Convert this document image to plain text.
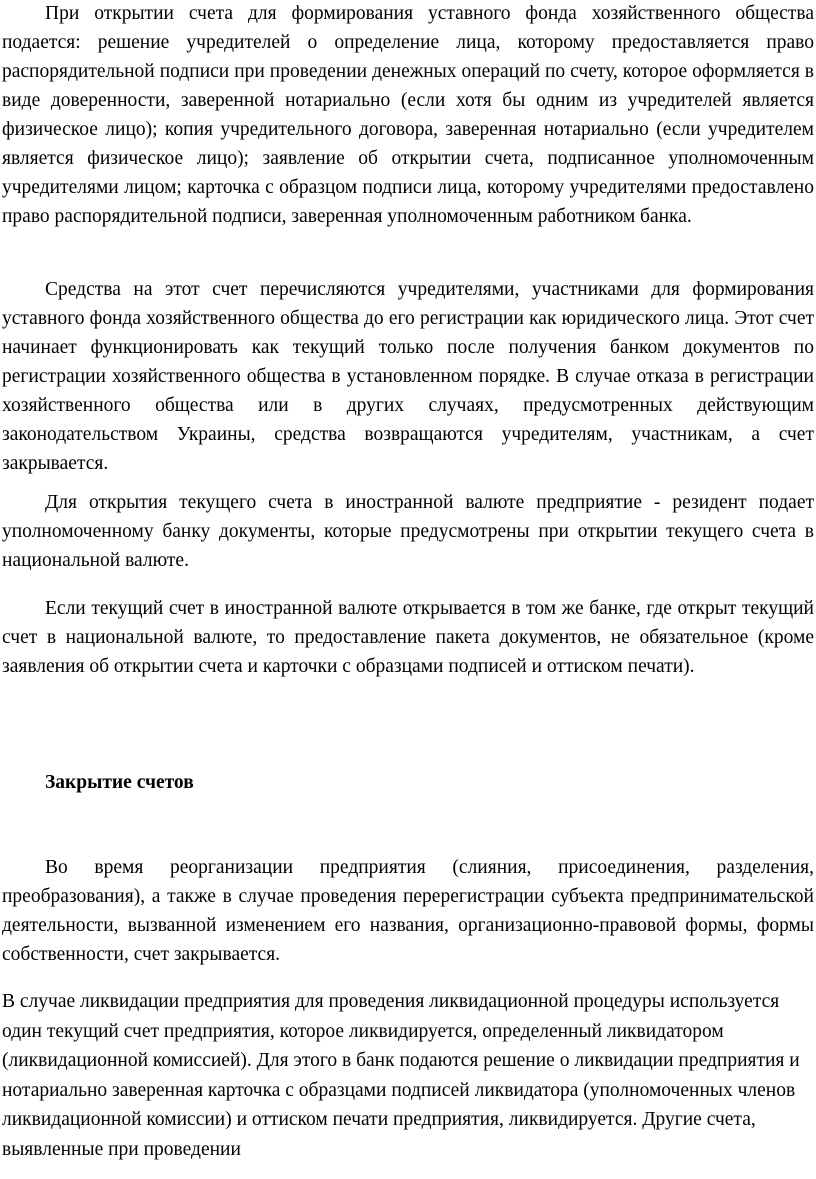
При открытии счета для формирования уставного фонда хозяйственного общества подается: решение учредителей о определение лица, которому предоставляется право распорядительной подписи при проведении денежных операций по счету, которое оформляется в виде доверенности, заверенной нотариально (если хотя бы одним из учредителей является физическое лицо); копия учредительного договора, заверенная нотариально (если учредителем является физическое лицо); заявление об открытии счета, подписанное уполномоченным учредителями лицом; карточка с образцом подписи лица, которому учредителями предоставлено право распорядительной подписи, заверенная уполномоченным работником банка.

Средства на этот счет перечисляются учредителями, участниками для формирования уставного фонда хозяйственного общества до его регистрации как юридического лица. Этот счет начинает функционировать как текущий только после получения банком документов по регистрации хозяйственного общества в установленном порядке. В случае отказа в регистрации хозяйственного общества или в других случаях, предусмотренных действующим законодательством Украины, средства возвращаются учредителям, участникам, а счет закрывается.

Для открытия текущего счета в иностранной валюте предприятие - резидент подает уполномоченному банку документы, которые предусмотрены при открытии текущего счета в национальной валюте.

Если текущий счет в иностранной валюте открывается в том же банке, где открыт текущий счет в национальной валюте, то предоставление пакета документов, не обязательное (кроме заявления об открытии счета и карточки с образцами подписей и оттиском печати).

Закрытие счетов

Во время реорганизации предприятия (слияния, присоединения, разделения, преобразования), а также в случае проведения перерегистрации субъекта предпринимательской деятельности, вызванной изменением его названия, организационно-правовой формы, формы собственности, счет закрывается.

В случае ликвидации предприятия для проведения ликвидационной процедуры используется один текущий счет предприятия, которое ликвидируется, определенный ликвидатором (ликвидационной комиссией). Для этого в банк подаются решение о ликвидации предприятия и нотариально заверенная карточка с образцами подписей ликвидатора (уполномоченных членов ликвидационной комиссии) и оттиском печати предприятия, ликвидируется. Другие счета, выявленные при проведении
